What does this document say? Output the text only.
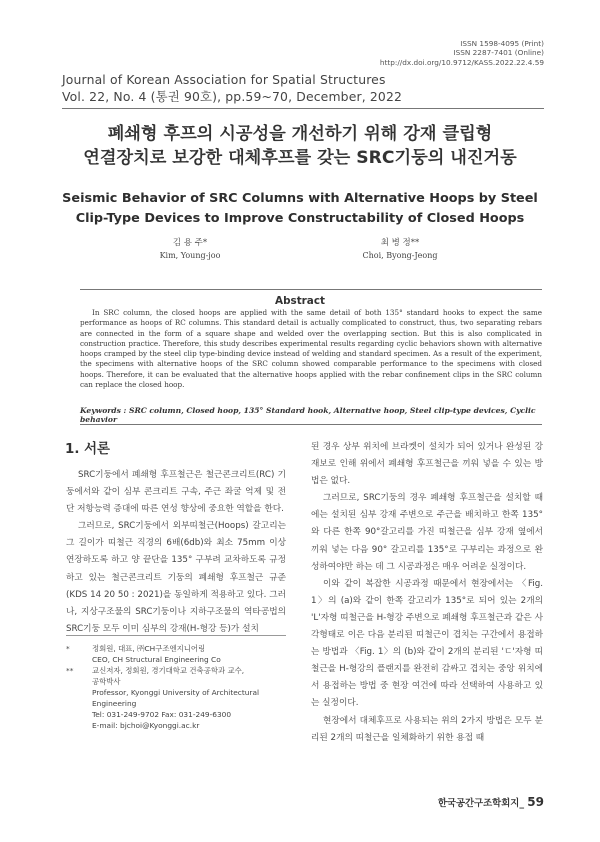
ISSN 1598-4095 (Print)
ISSN 2287-7401 (Online)
http://dx.doi.org/10.9712/KASS.2022.22.4.59
Journal of Korean Association for Spatial Structures
Vol. 22, No. 4 (통권 90호), pp.59~70, December, 2022
폐쇄형 후프의 시공성을 개선하기 위해 강재 클립형
연결장치로 보강한 대체후프를 갖는 SRC기둥의 내진거동
Seismic Behavior of SRC Columns with Alternative Hoops by Steel
Clip-Type Devices to Improve Constructability of Closed Hoops
김 용 주*
Kim, Young-joo
최 병 정**
Choi, Byong-Jeong
Abstract
In SRC column, the closed hoops are applied with the same detail of both 135° standard hooks to expect the same performance as hoops of RC columns. This standard detail is actually complicated to construct, thus, two separating rebars are connected in the form of a square shape and welded over the overlapping section. But this is also complicated in construction practice. Therefore, this study describes experimental results regarding cyclic behaviors shown with alternative hoops cramped by the steel clip type-binding device instead of welding and standard specimen. As a result of the experiment, the specimens with alternative hoops of the SRC column showed comparable performance to the specimens with closed hoops. Therefore, it can be evaluated that the alternative hoops applied with the rebar confinement clips in the SRC column can replace the closed hoop.
Keywords : SRC column, Closed hoop, 135° Standard hook, Alternative hoop, Steel clip-type devices, Cyclic behavior
1. 서론

SRC기둥에서 폐쇄형 후프철근은 철근콘크리트(RC) 기둥에서와 같이 심부 콘크리트 구속, 주근 좌굴 억제 및 전단 저항능력 증대에 따른 연성 향상에 중요한 역할을 한다.

그러므로, SRC기둥에서 외부띠철근(Hoops) 갈고리는 그 길이가 띠철근 직경의 6배(6db)와 최소 75mm 이상 연장하도록 하고 양 끝단을 135° 구부려 교차하도록 규정하고 있는 철근콘크리트 기둥의 폐쇄형 후프철근 규준(KDS 14 20 50 : 2021)을 동일하게 적용하고 있다. 그러나, 지상구조물의 SRC기둥이나 지하구조물의 역타공법의 SRC기둥 모두 이미 심부의 강재(H-형강 등)가 설치

된 경우 상부 위치에 브라켓이 설치가 되어 있거나 완성된 강재보로 인해 위에서 폐쇄형 후프철근을 끼워 넣을 수 있는 방법은 없다.

그러므로, SRC기둥의 경우 폐쇄형 후프철근을 설치할 때에는 설치된 심부 강재 주변으로 주근을 배치하고 한쪽 135°와 다른 한쪽 90°갈고리를 가진 띠철근을 심부 강재 옆에서 끼워 넣는 다음 90° 갈고리를 135°로 구부리는 과정으로 완성하여야만 하는 데 그 시공과정은 매우 어려운 실정이다.

이와 같이 복잡한 시공과정 때문에서 현장에서는 〈Fig. 1〉의 (a)와 같이 한쪽 갈고리가 135°로 되어 있는 2개의 'L'자형 띠철근을 H-형강 주변으로 폐쇄형 후프철근과 같은 사각형태로 이은 다음 분리된 띠철근이 겹치는 구간에서 용접하는 방법과 〈Fig. 1〉의 (b)와 같이 2개의 분리된 'ㄷ'자형 띠철근을 H-형강의 플랜지를 완전히 감싸고 겹치는 중앙 위치에서 용접하는 방법 중 현장 여건에 따라 선택하여 사용하고 있는 실정이다.

현장에서 대체후프로 사용되는 위의 2가지 방법은 모두 분리된 2개의 띠철근을 일체화하기 위한 용접 때

*	정회원, 대표, ㈜CH구조엔지니어링
CEO, CH Structural Engineering Co
**	교신저자, 정회원, 경기대학교 건축공학과 교수,
공학박사
Professor, Kyonggi University of Architectural
Engineering
Tel: 031-249-9702 Fax: 031-249-6300
E-mail: bjchoi@Kyonggi.ac.kr
한국공간구조학회지_ 59
